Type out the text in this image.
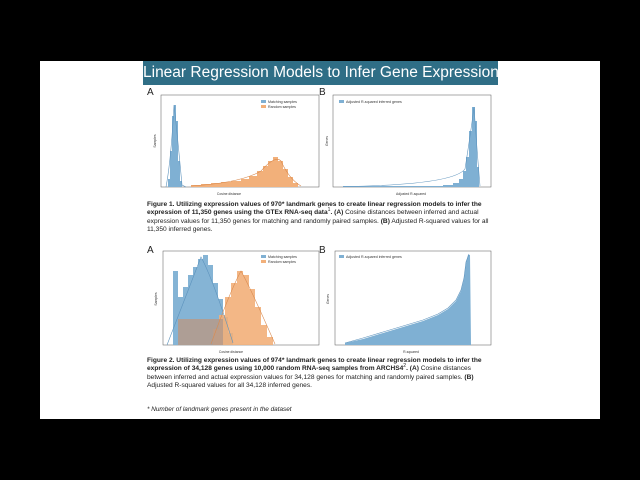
Linear Regression Models to Infer Gene Expression
A
Matching samples
Random samples
Cosine distance
Samples
B
Adjusted R-squared inferred genes
Adjusted R-squared
Genes
Figure 1. Utilizing expression values of 970* landmark genes to create linear regression models to infer the expression of 11,350 genes using the GTEx RNA-seq data$^1$. (A) Cosine distances between inferred and actual expression values for 11,350 genes for matching and randomly paired samples. (B) Adjusted R-squared values for all 11,350 inferred genes.
A
Matching samples
Random samples
Cosine distance
Samples
B
Adjusted R-squared inferred genes
R-squared
Genes
Figure 2. Utilizing expression values of 974* landmark genes to create linear regression models to infer the expression of 34,128 genes using 10,000 random RNA-seq samples from $ARCHS4^2$. (A) Cosine distances between inferred and actual expression values for 34,128 genes for matching and randomly paired samples. (B) Adjusted R-squared values for all 34,128 inferred genes.
* Number of landmark genes present in the dataset
